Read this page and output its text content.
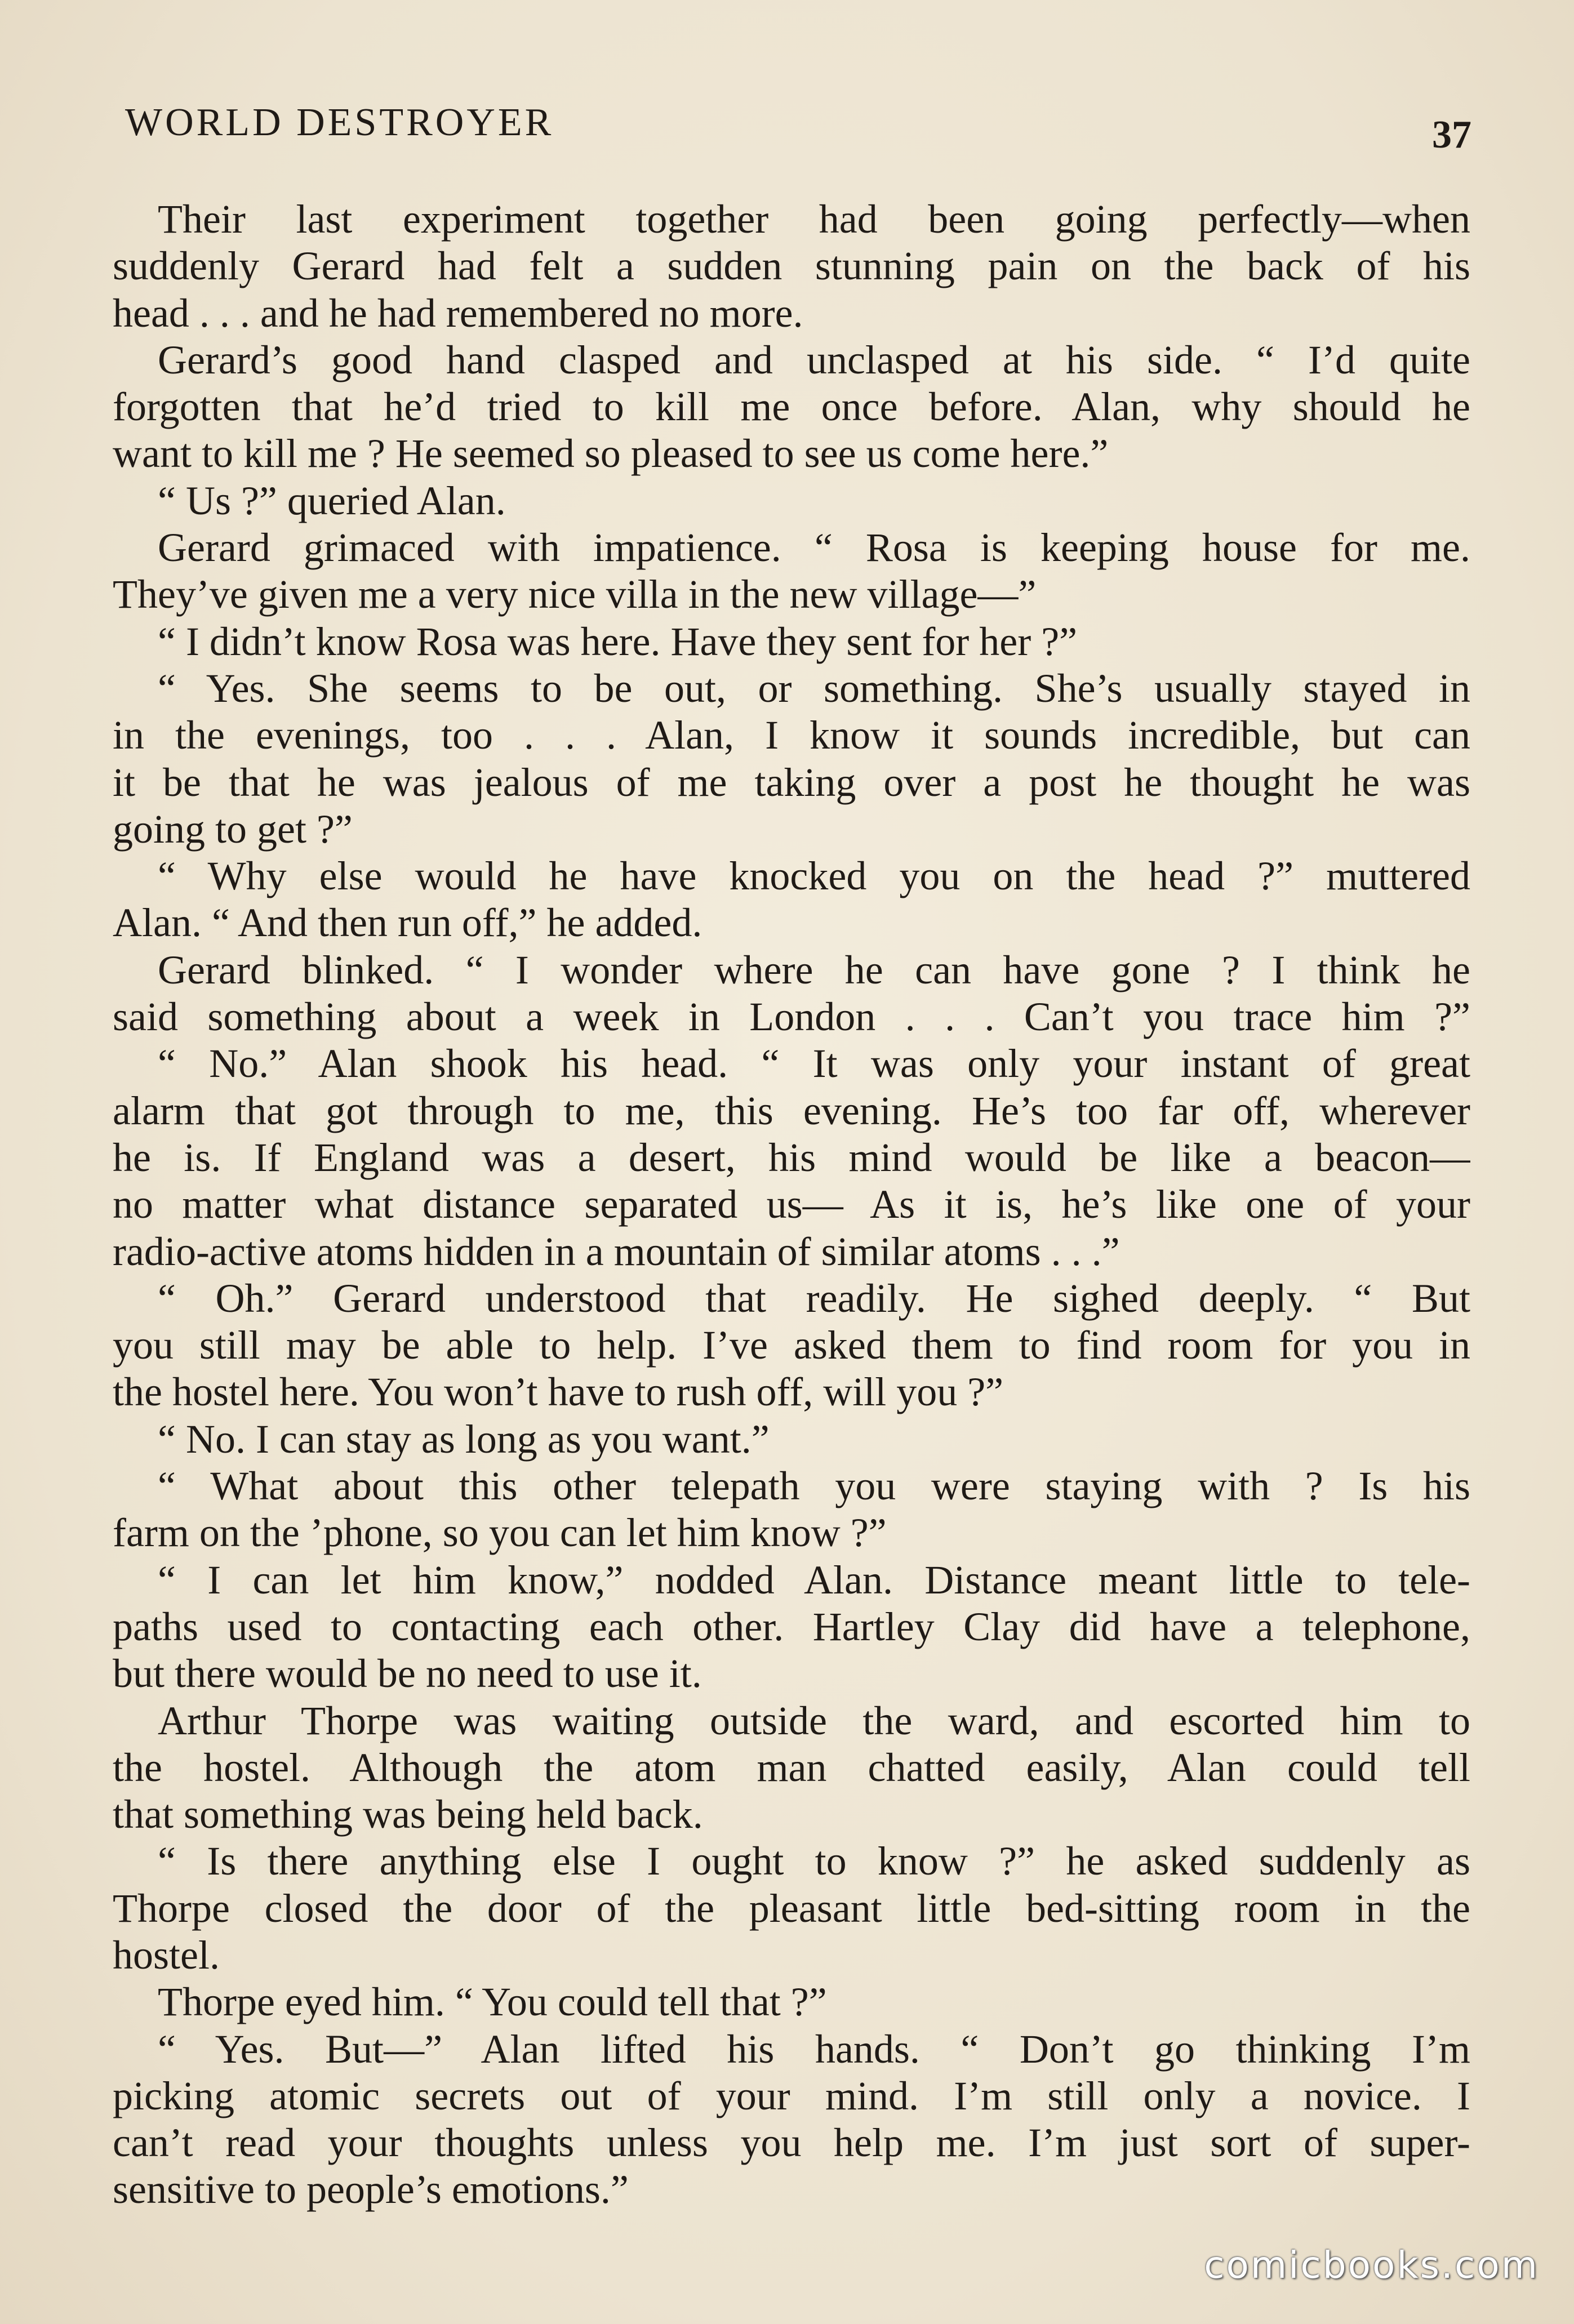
WORLD DESTROYER	37
Their last experiment together had been going perfectly—when
suddenly Gerard had felt a sudden stunning pain on the back of his
head . . . and he had remembered no more.
Gerard’s good hand clasped and unclasped at his side. “ I’d quite
forgotten that he’d tried to kill me once before. Alan, why should he
want to kill me ? He seemed so pleased to see us come here.”
“ Us ?” queried Alan.
Gerard grimaced with impatience. “ Rosa is keeping house for me.
They’ve given me a very nice villa in the new village—”
“ I didn’t know Rosa was here. Have they sent for her ?”
“ Yes. She seems to be out, or something. She’s usually stayed in
in the evenings, too . . . Alan, I know it sounds incredible, but can
it be that he was jealous of me taking over a post he thought he was
going to get ?”
“ Why else would he have knocked you on the head ?” muttered
Alan. “ And then run off,” he added.
Gerard blinked. “ I wonder where he can have gone ? I think he
said something about a week in London . . . Can’t you trace him ?”
“ No.” Alan shook his head. “ It was only your instant of great
alarm that got through to me, this evening. He’s too far off, wherever
he is. If England was a desert, his mind would be like a beacon—
no matter what distance separated us— As it is, he’s like one of your
radio-active atoms hidden in a mountain of similar atoms . . .”
“ Oh.” Gerard understood that readily. He sighed deeply. “ But
you still may be able to help. I’ve asked them to find room for you in
the hostel here. You won’t have to rush off, will you ?”
“ No. I can stay as long as you want.”
“ What about this other telepath you were staying with ? Is his
farm on the ’phone, so you can let him know ?”
“ I can let him know,” nodded Alan. Distance meant little to tele-
paths used to contacting each other. Hartley Clay did have a telephone,
but there would be no need to use it.
Arthur Thorpe was waiting outside the ward, and escorted him to
the hostel. Although the atom man chatted easily, Alan could tell
that something was being held back.
“ Is there anything else I ought to know ?” he asked suddenly as
Thorpe closed the door of the pleasant little bed-sitting room in the
hostel.
Thorpe eyed him. “ You could tell that ?”
“ Yes. But—” Alan lifted his hands. “ Don’t go thinking I’m
picking atomic secrets out of your mind. I’m still only a novice. I
can’t read your thoughts unless you help me. I’m just sort of super-
sensitive to people’s emotions.”
comicbooks.com
